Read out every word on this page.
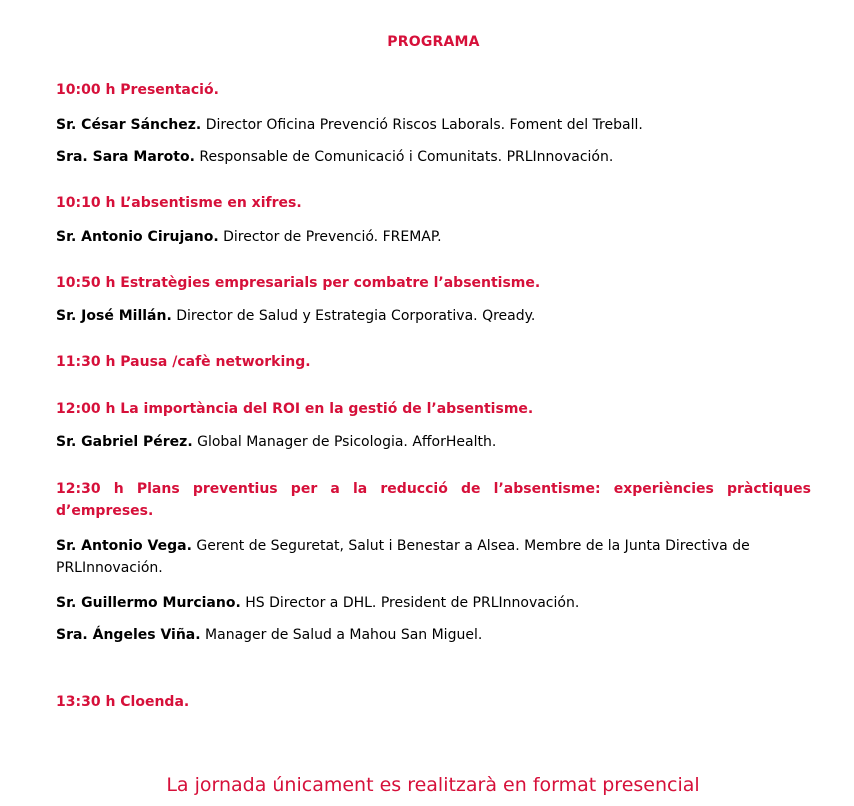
PROGRAMA
10:00 h Presentació.
Sr. César Sánchez. Director Oficina Prevenció Riscos Laborals. Foment del Treball.
Sra. Sara Maroto. Responsable de Comunicació i Comunitats. PRLInnovación.
10:10 h L’absentisme en xifres.
Sr. Antonio Cirujano. Director de Prevenció. FREMAP.
10:50 h Estratègies empresarials per combatre l’absentisme.
Sr. José Millán. Director de Salud y Estrategia Corporativa. Qready.
11:30 h Pausa /cafè networking.
12:00 h La importància del ROI en la gestió de l’absentisme.
Sr. Gabriel Pérez. Global Manager de Psicologia. AfforHealth.
12:30 h Plans preventius per a la reducció de l’absentisme: experiències pràctiques d’empreses.
Sr. Antonio Vega. Gerent de Seguretat, Salut i Benestar a Alsea. Membre de la Junta Directiva de PRLInnovación.
Sr. Guillermo Murciano. HS Director a DHL. President de PRLInnovación.
Sra. Ángeles Viña. Manager de Salud a Mahou San Miguel.
13:30 h Cloenda.
La jornada únicament es realitzarà en format presencial
